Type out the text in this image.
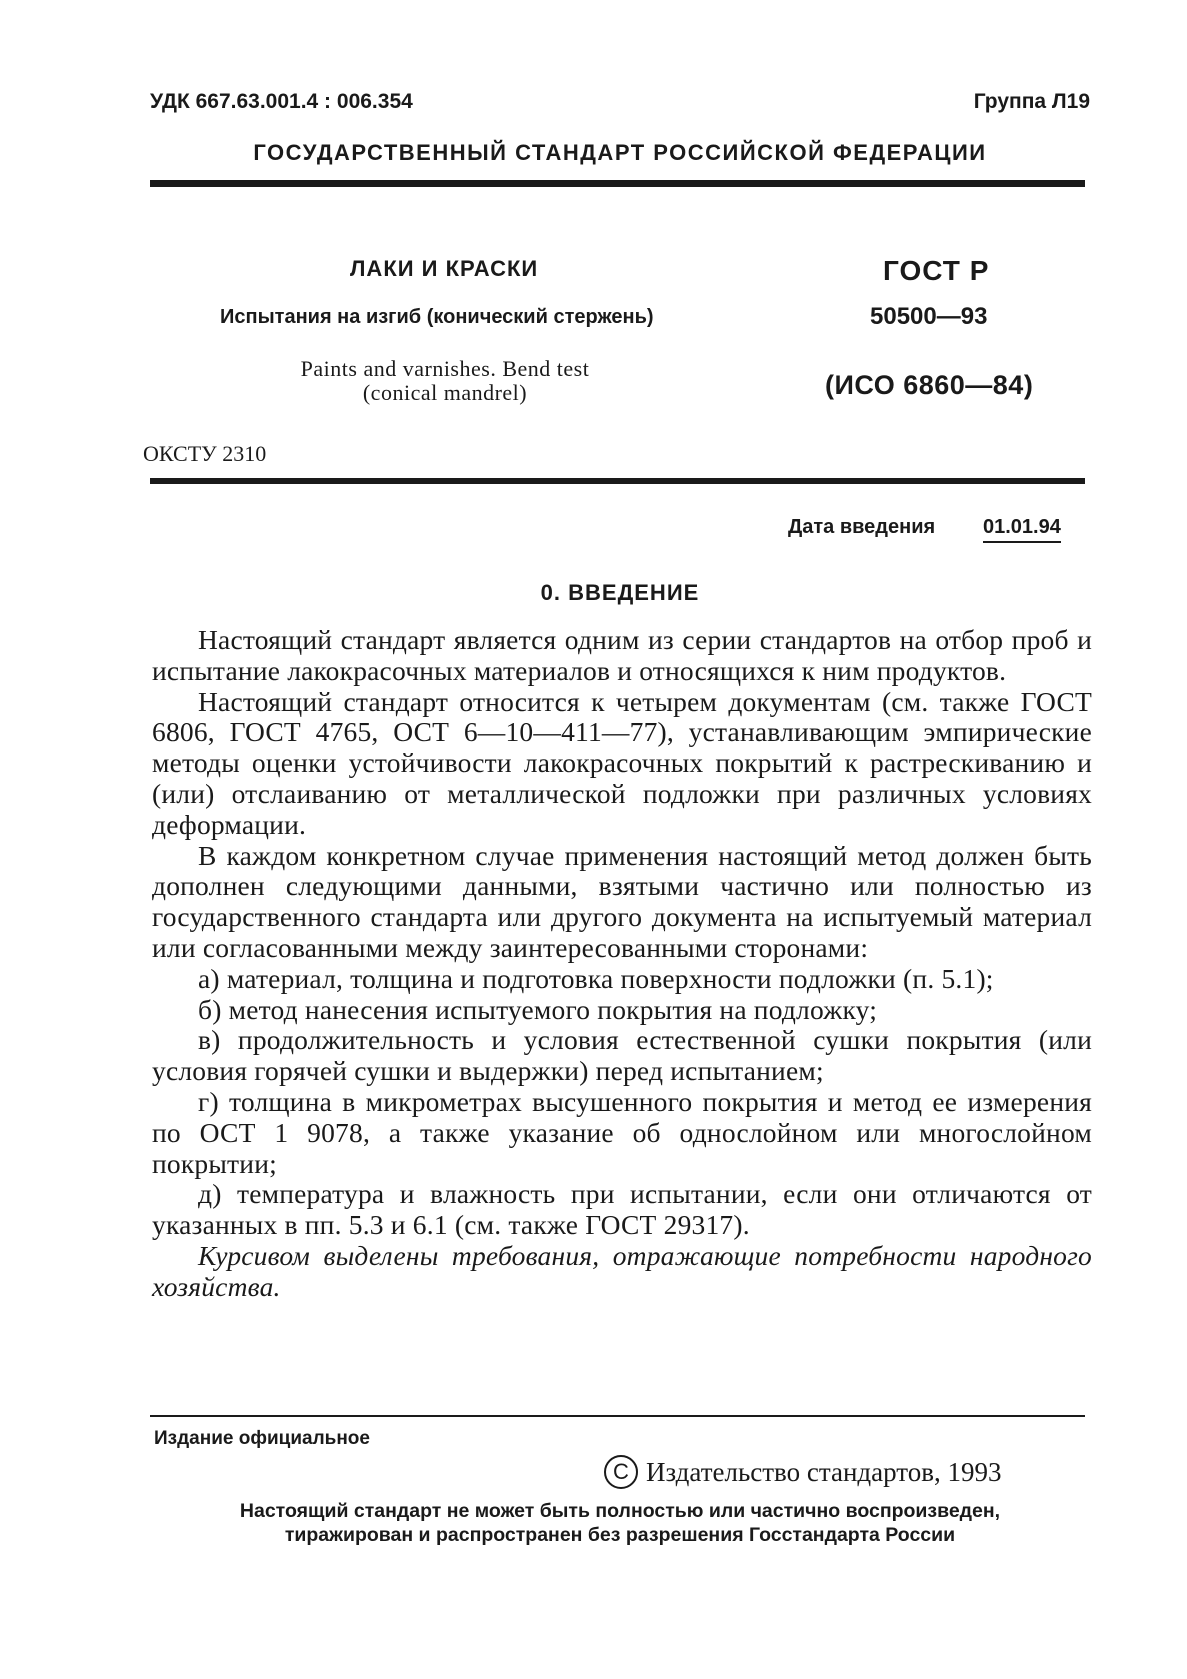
УДК 667.63.001.4 : 006.354	Группа Л19
ГОСУДАРСТВЕННЫЙ СТАНДАРТ РОССИЙСКОЙ ФЕДЕРАЦИИ
ЛАКИ И КРАСКИ
Испытания на изгиб (конический стержень)
Paints and varnishes. Bend test
(conical mandrel)
ГОСТ Р
50500—93
(ИСО 6860—84)
ОКСТУ 2310
Дата введения 01.01.94
0. ВВЕДЕНИЕ

Настоящий стандарт является одним из серии стандартов на отбор проб и испытание лакокрасочных материалов и относящихся к ним продуктов.

Настоящий стандарт относится к четырем документам (см. также ГОСТ 6806, ГОСТ 4765, ОСТ 6—10—411—77), устанавливающим эмпирические методы оценки устойчивости лакокрасочных покрытий к растрескиванию и (или) отслаиванию от металлической подложки при различных условиях деформации.

В каждом конкретном случае применения настоящий метод должен быть дополнен следующими данными, взятыми частично или полностью из государственного стандарта или другого документа на испытуемый материал или согласованными между заинтересованными сторонами:

а) материал, толщина и подготовка поверхности подложки (п. 5.1);

б) метод нанесения испытуемого покрытия на подложку;

в) продолжительность и условия естественной сушки покрытия (или условия горячей сушки и выдержки) перед испытанием;

г) толщина в микрометрах высушенного покрытия и метод ее измерения по ОСТ 1 9078, а также указание об однослойном или многослойном покрытии;

д) температура и влажность при испытании, если они отличаются от указанных в пп. 5.3 и 6.1 (см. также ГОСТ 29317).

Курсивом выделены требования, отражающие потребности народного хозяйства.

Издание официальное
C Издательство стандартов, 1993
Настоящий стандарт не может быть полностью или частично воспроизведен,
тиражирован и распространен без разрешения Госстандарта России
